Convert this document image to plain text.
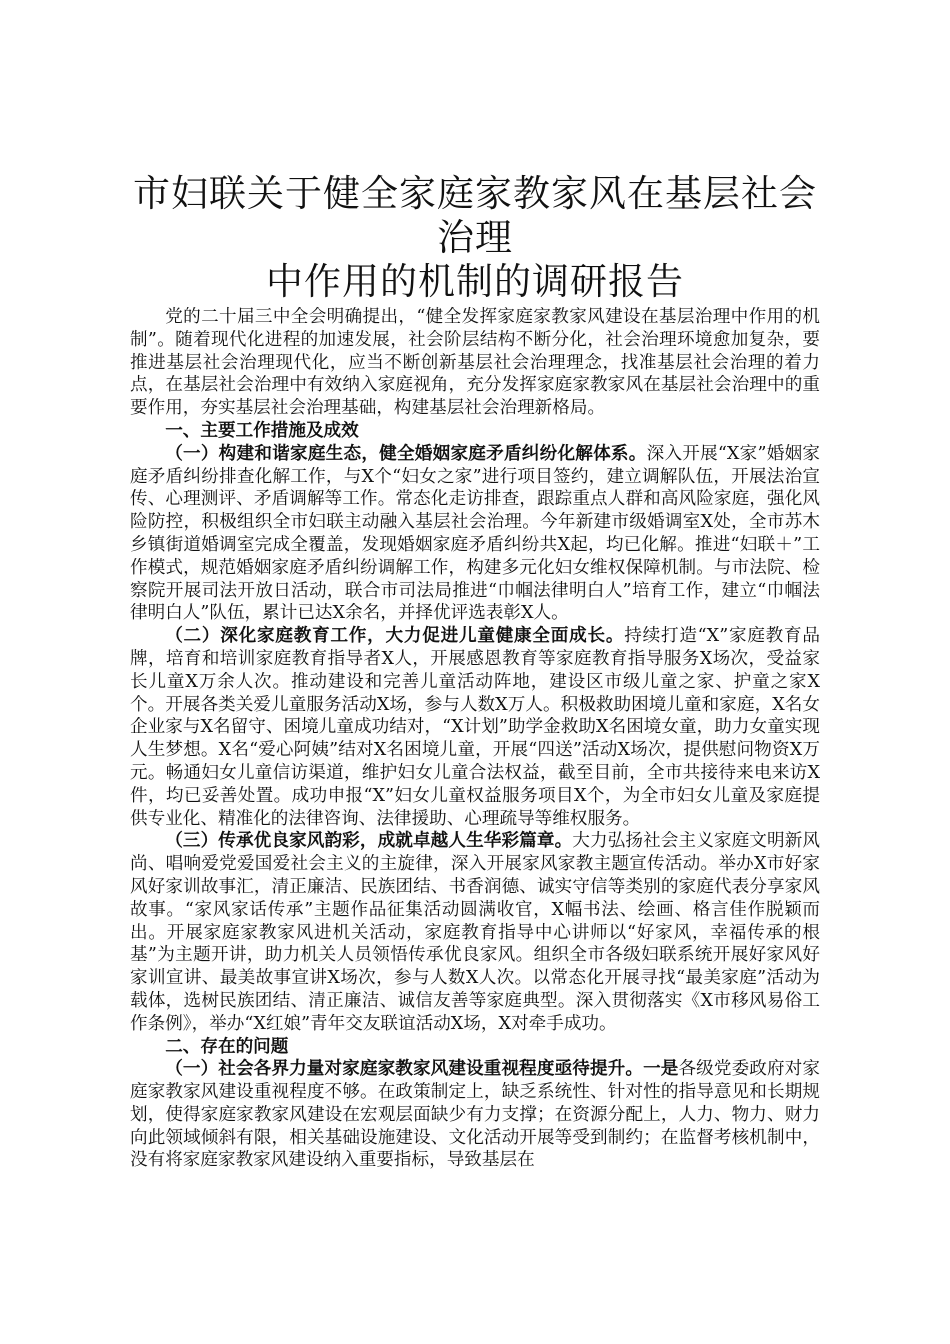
市妇联关于健全家庭家教家风在基层社会治理
中作用的机制的调研报告

党的二十届三中全会明确提出，“健全发挥家庭家教家风建设在基层治理中作用的机制”。随着现代化进程的加速发展，社会阶层结构不断分化，社会治理环境愈加复杂，要推进基层社会治理现代化，应当不断创新基层社会治理理念，找准基层社会治理的着力点，在基层社会治理中有效纳入家庭视角，充分发挥家庭家教家风在基层社会治理中的重要作用，夯实基层社会治理基础，构建基层社会治理新格局。

一、主要工作措施及成效

（一）构建和谐家庭生态，健全婚姻家庭矛盾纠纷化解体系。深入开展“X家”婚姻家庭矛盾纠纷排查化解工作，与X个“妇女之家”进行项目签约，建立调解队伍，开展法治宣传、心理测评、矛盾调解等工作。常态化走访排查，跟踪重点人群和高风险家庭，强化风险防控，积极组织全市妇联主动融入基层社会治理。今年新建市级婚调室X处，全市苏木乡镇街道婚调室完成全覆盖，发现婚姻家庭矛盾纠纷共X起，均已化解。推进“妇联＋”工作模式，规范婚姻家庭矛盾纠纷调解工作，构建多元化妇女维权保障机制。与市法院、检察院开展司法开放日活动，联合市司法局推进“巾帼法律明白人”培育工作，建立“巾帼法律明白人”队伍，累计已达X余名，并择优评选表彰X人。

（二）深化家庭教育工作，大力促进儿童健康全面成长。持续打造“X”家庭教育品牌，培育和培训家庭教育指导者X人，开展感恩教育等家庭教育指导服务X场次，受益家长儿童X万余人次。推动建设和完善儿童活动阵地，建设区市级儿童之家、护童之家X个。开展各类关爱儿童服务活动X场，参与人数X万人。积极救助困境儿童和家庭，X名女企业家与X名留守、困境儿童成功结对，“X计划”助学金救助X名困境女童，助力女童实现人生梦想。X名“爱心阿姨”结对X名困境儿童，开展“四送”活动X场次，提供慰问物资X万元。畅通妇女儿童信访渠道，维护妇女儿童合法权益，截至目前，全市共接待来电来访X件，均已妥善处置。成功申报“X”妇女儿童权益服务项目X个，为全市妇女儿童及家庭提供专业化、精准化的法律咨询、法律援助、心理疏导等维权服务。

（三）传承优良家风韵彩，成就卓越人生华彩篇章。大力弘扬社会主义家庭文明新风尚、唱响爱党爱国爱社会主义的主旋律，深入开展家风家教主题宣传活动。举办X市好家风好家训故事汇，清正廉洁、民族团结、书香润德、诚实守信等类别的家庭代表分享家风故事。“家风家话传承”主题作品征集活动圆满收官，X幅书法、绘画、格言佳作脱颖而出。开展家庭家教家风进机关活动，家庭教育指导中心讲师以“好家风，幸福传承的根基”为主题开讲，助力机关人员领悟传承优良家风。组织全市各级妇联系统开展好家风好家训宣讲、最美故事宣讲X场次，参与人数X人次。以常态化开展寻找“最美家庭”活动为载体，选树民族团结、清正廉洁、诚信友善等家庭典型。深入贯彻落实《X市移风易俗工作条例》，举办“X红娘”青年交友联谊活动X场，X对牵手成功。

二、存在的问题

（一）社会各界力量对家庭家教家风建设重视程度亟待提升。一是各级党委政府对家庭家教家风建设重视程度不够。在政策制定上，缺乏系统性、针对性的指导意见和长期规划，使得家庭家教家风建设在宏观层面缺少有力支撑；在资源分配上，人力、物力、财力向此领域倾斜有限，相关基础设施建设、文化活动开展等受到制约；在监督考核机制中，没有将家庭家教家风建设纳入重要指标，导致基层在
